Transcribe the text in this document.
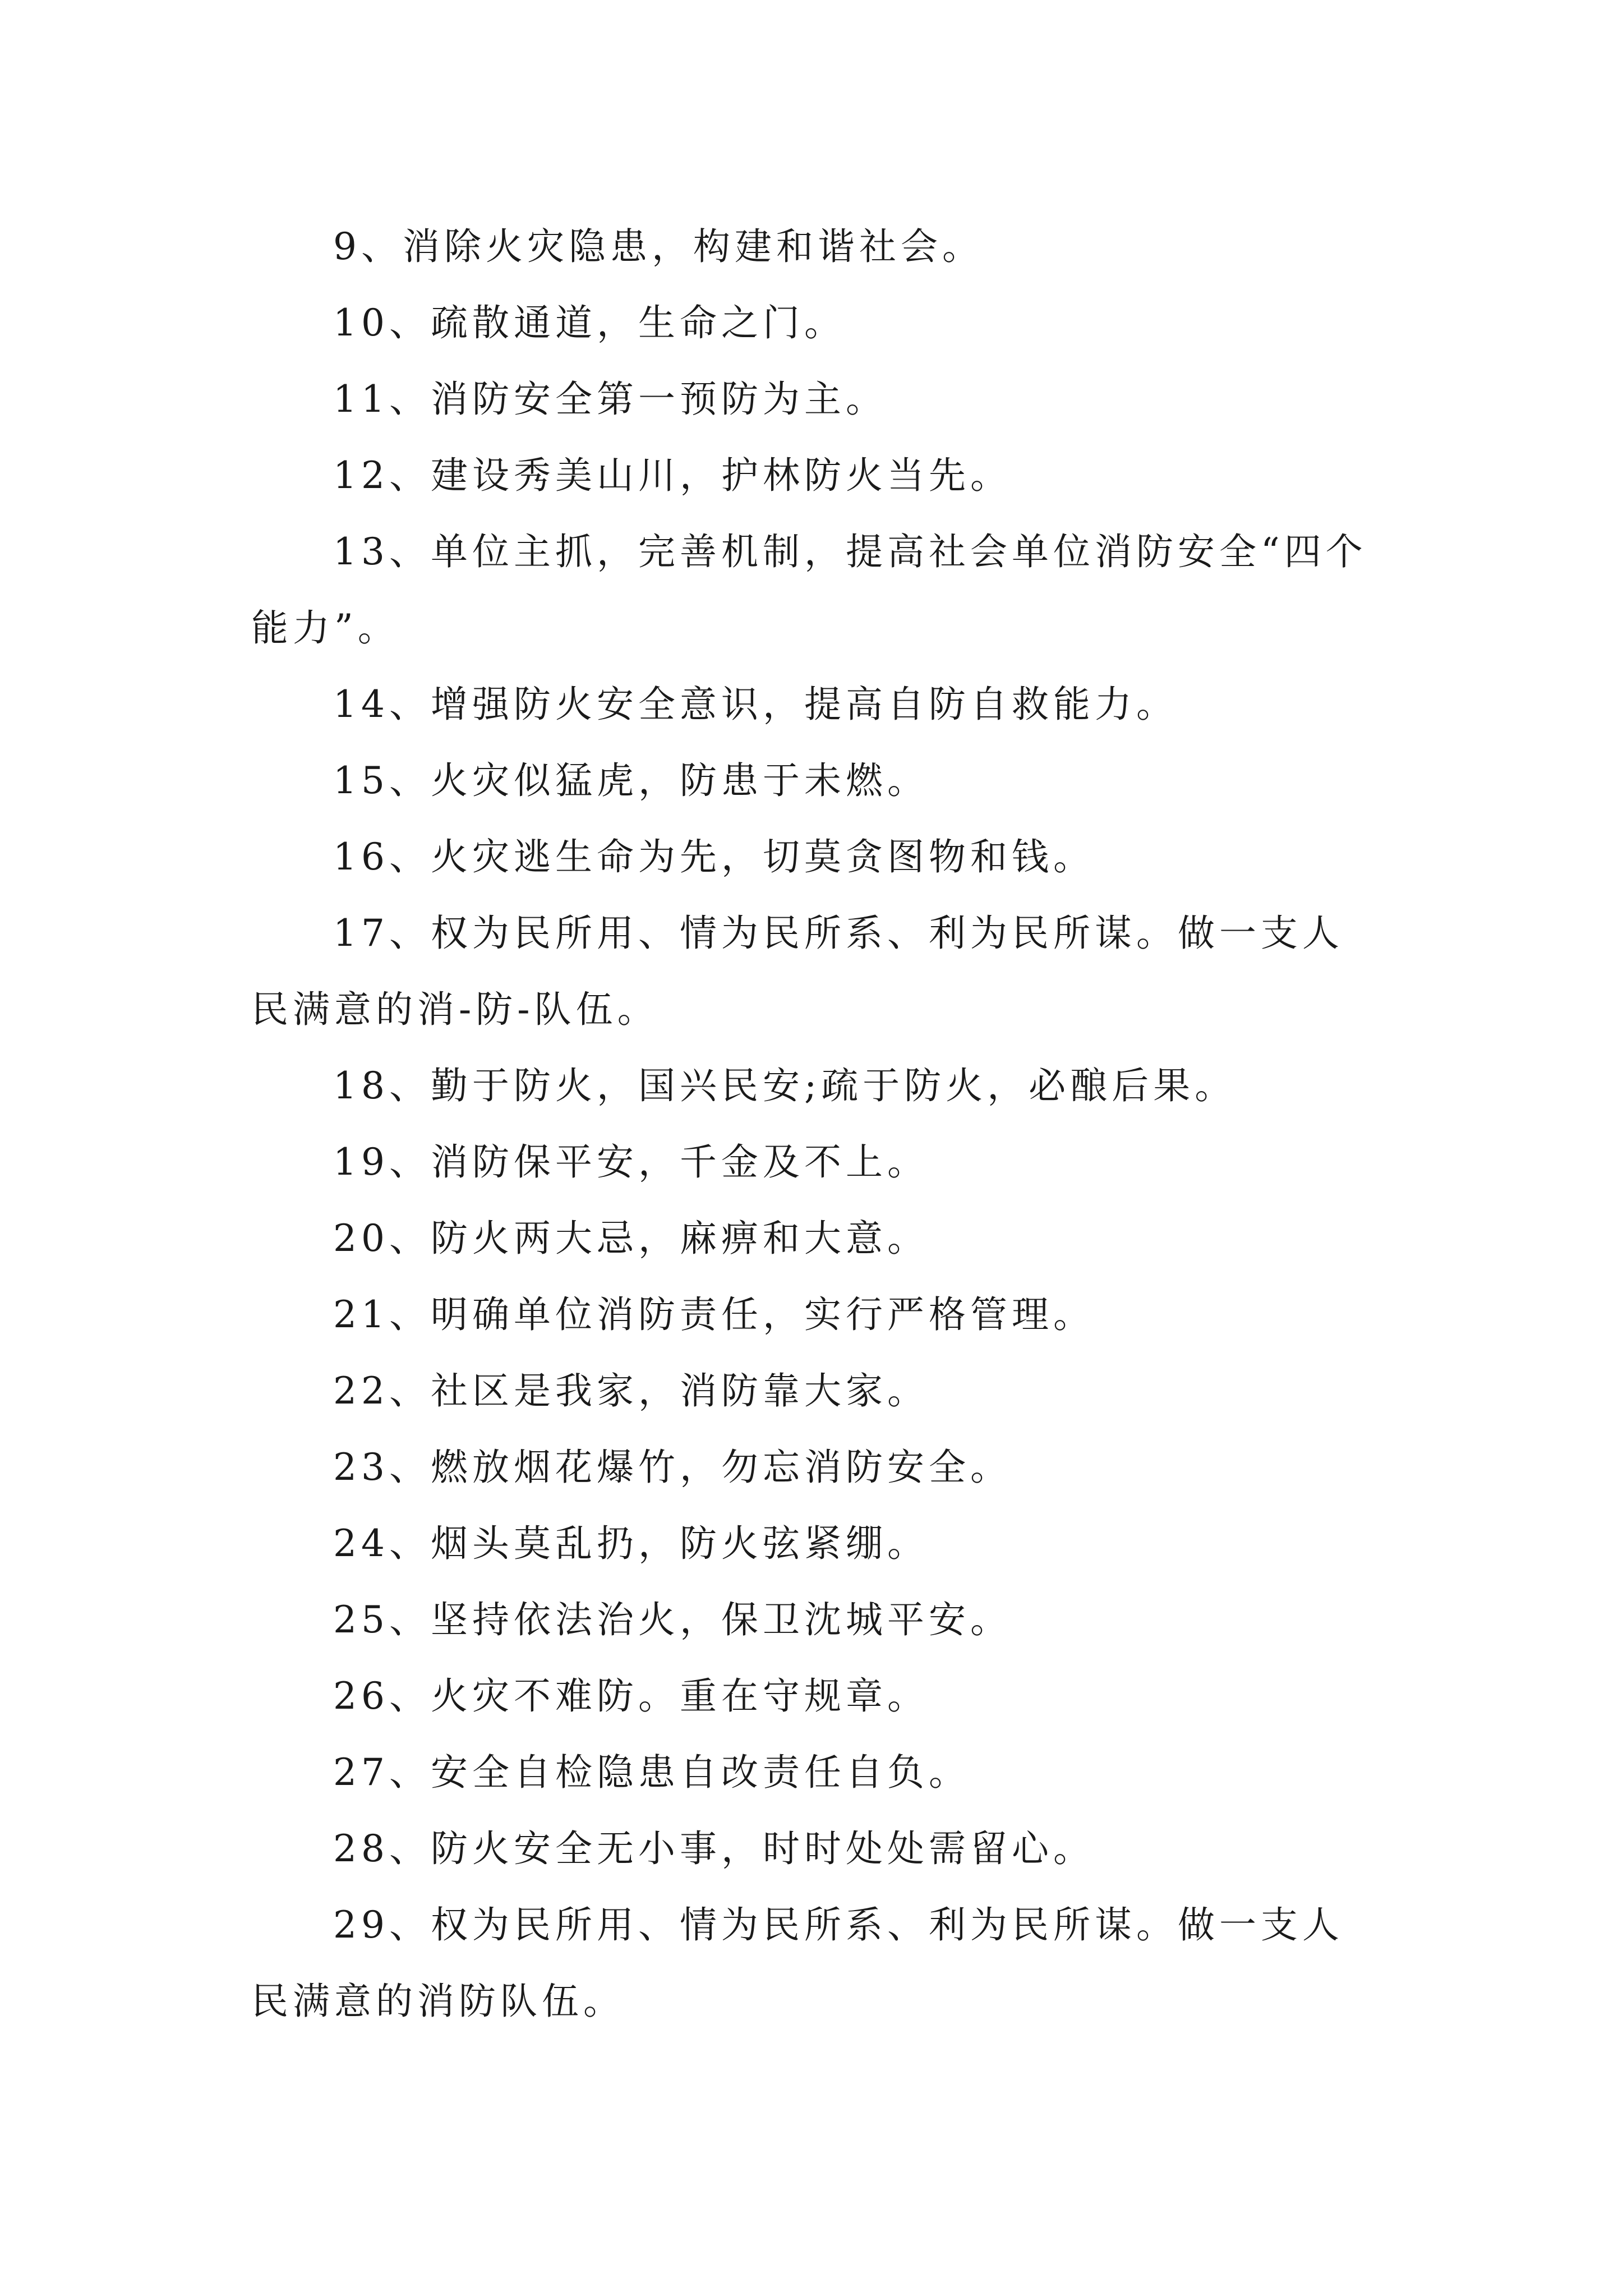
9、消除火灾隐患，构建和谐社会。

10、疏散通道，生命之门。

11、消防安全第一预防为主。

12、建设秀美山川，护林防火当先。

13、单位主抓，完善机制，提高社会单位消防安全“四个能力”。

14、增强防火安全意识，提高自防自救能力。

15、火灾似猛虎，防患于未燃。

16、火灾逃生命为先，切莫贪图物和钱。

17、权为民所用、情为民所系、利为民所谋。做一支人民满意的消-防-队伍。

18、勤于防火，国兴民安;疏于防火，必酿后果。

19、消防保平安，千金及不上。

20、防火两大忌，麻痹和大意。

21、明确单位消防责任，实行严格管理。

22、社区是我家，消防靠大家。

23、燃放烟花爆竹，勿忘消防安全。

24、烟头莫乱扔，防火弦紧绷。

25、坚持依法治火，保卫沈城平安。

26、火灾不难防。重在守规章。

27、安全自检隐患自改责任自负。

28、防火安全无小事，时时处处需留心。

29、权为民所用、情为民所系、利为民所谋。做一支人民满意的消防队伍。
